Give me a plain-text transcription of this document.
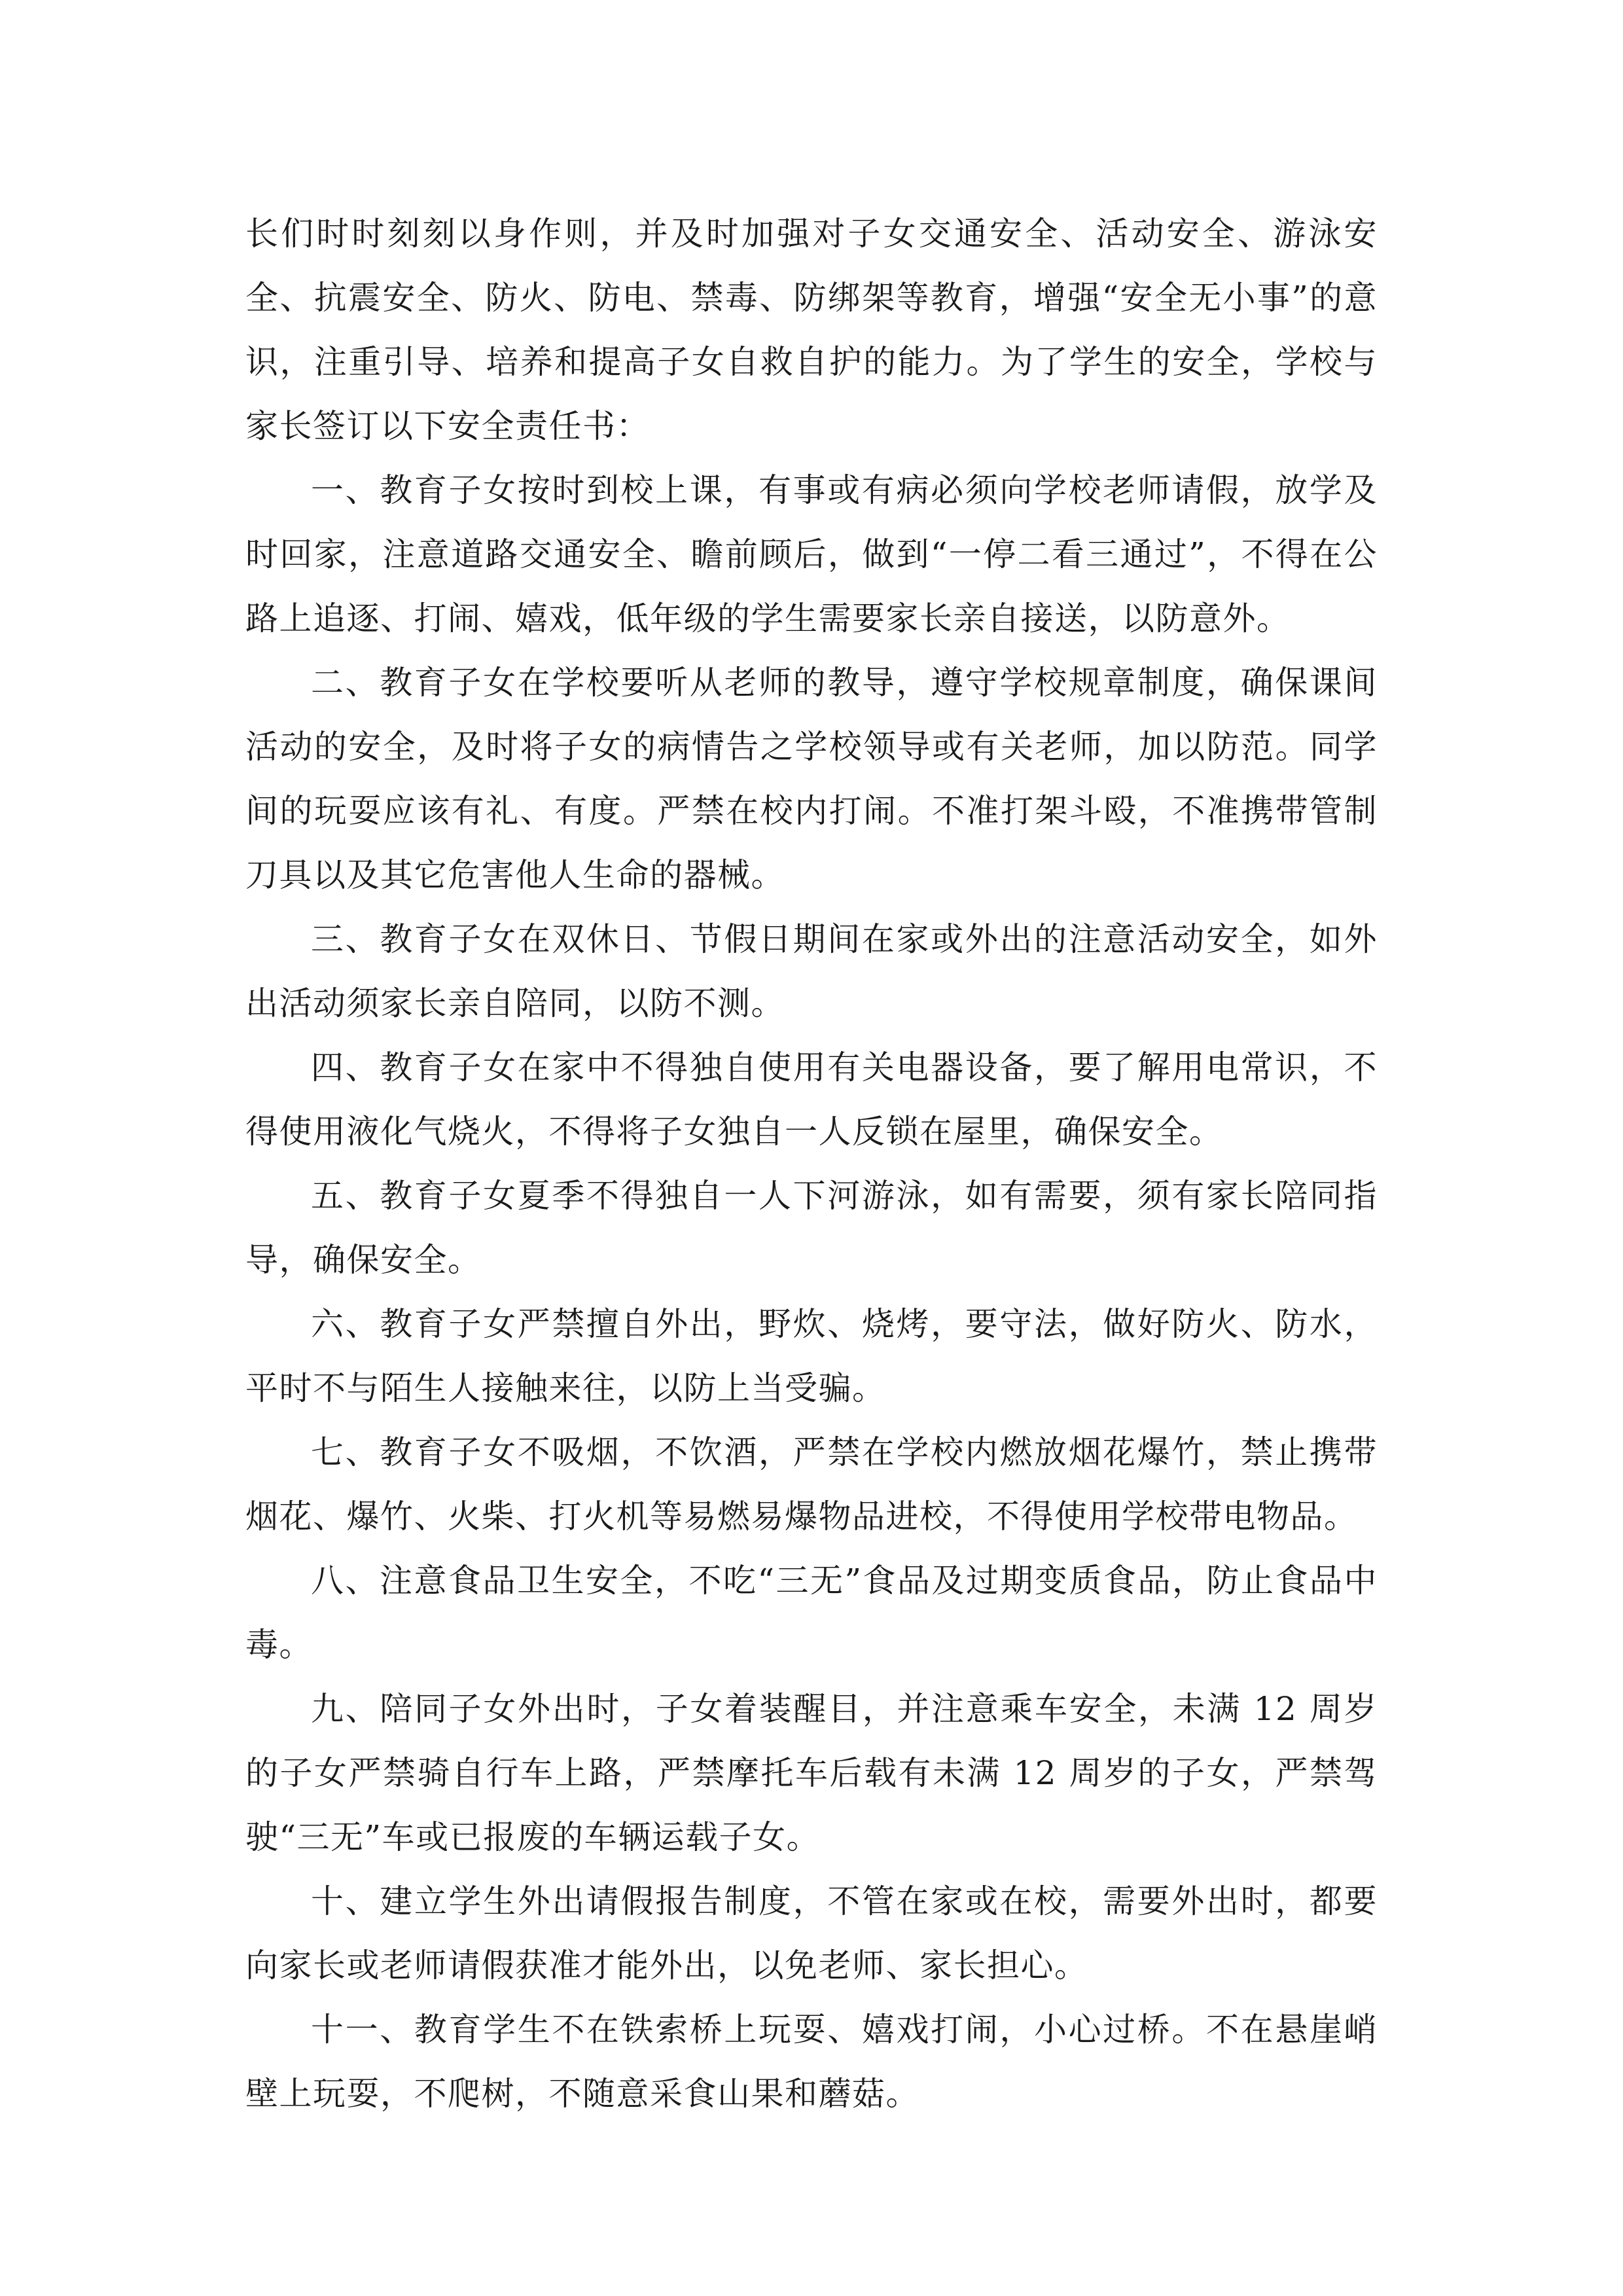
长们时时刻刻以身作则，并及时加强对子女交通安全、活动安全、游泳安全、抗震安全、防火、防电、禁毒、防绑架等教育，增强“安全无小事”的意识，注重引导、培养和提高子女自救自护的能力。为了学生的安全，学校与家长签订以下安全责任书：

一、教育子女按时到校上课，有事或有病必须向学校老师请假，放学及时回家，注意道路交通安全、瞻前顾后，做到“一停二看三通过”，不得在公路上追逐、打闹、嬉戏，低年级的学生需要家长亲自接送，以防意外。

二、教育子女在学校要听从老师的教导，遵守学校规章制度，确保课间活动的安全，及时将子女的病情告之学校领导或有关老师，加以防范。同学间的玩耍应该有礼、有度。严禁在校内打闹。不准打架斗殴，不准携带管制刀具以及其它危害他人生命的器械。

三、教育子女在双休日、节假日期间在家或外出的注意活动安全，如外出活动须家长亲自陪同，以防不测。

四、教育子女在家中不得独自使用有关电器设备，要了解用电常识，不得使用液化气烧火，不得将子女独自一人反锁在屋里，确保安全。

五、教育子女夏季不得独自一人下河游泳，如有需要，须有家长陪同指导，确保安全。

六、教育子女严禁擅自外出，野炊、烧烤，要守法，做好防火、防水，平时不与陌生人接触来往，以防上当受骗。

七、教育子女不吸烟，不饮酒，严禁在学校内燃放烟花爆竹，禁止携带烟花、爆竹、火柴、打火机等易燃易爆物品进校，不得使用学校带电物品。

八、注意食品卫生安全，不吃“三无”食品及过期变质食品，防止食品中毒。

九、陪同子女外出时，子女着装醒目，并注意乘车安全，未满 12 周岁的子女严禁骑自行车上路，严禁摩托车后载有未满 12 周岁的子女，严禁驾驶“三无”车或已报废的车辆运载子女。

十、建立学生外出请假报告制度，不管在家或在校，需要外出时，都要向家长或老师请假获准才能外出，以免老师、家长担心。

十一、教育学生不在铁索桥上玩耍、嬉戏打闹，小心过桥。不在悬崖峭壁上玩耍，不爬树，不随意采食山果和蘑菇。
